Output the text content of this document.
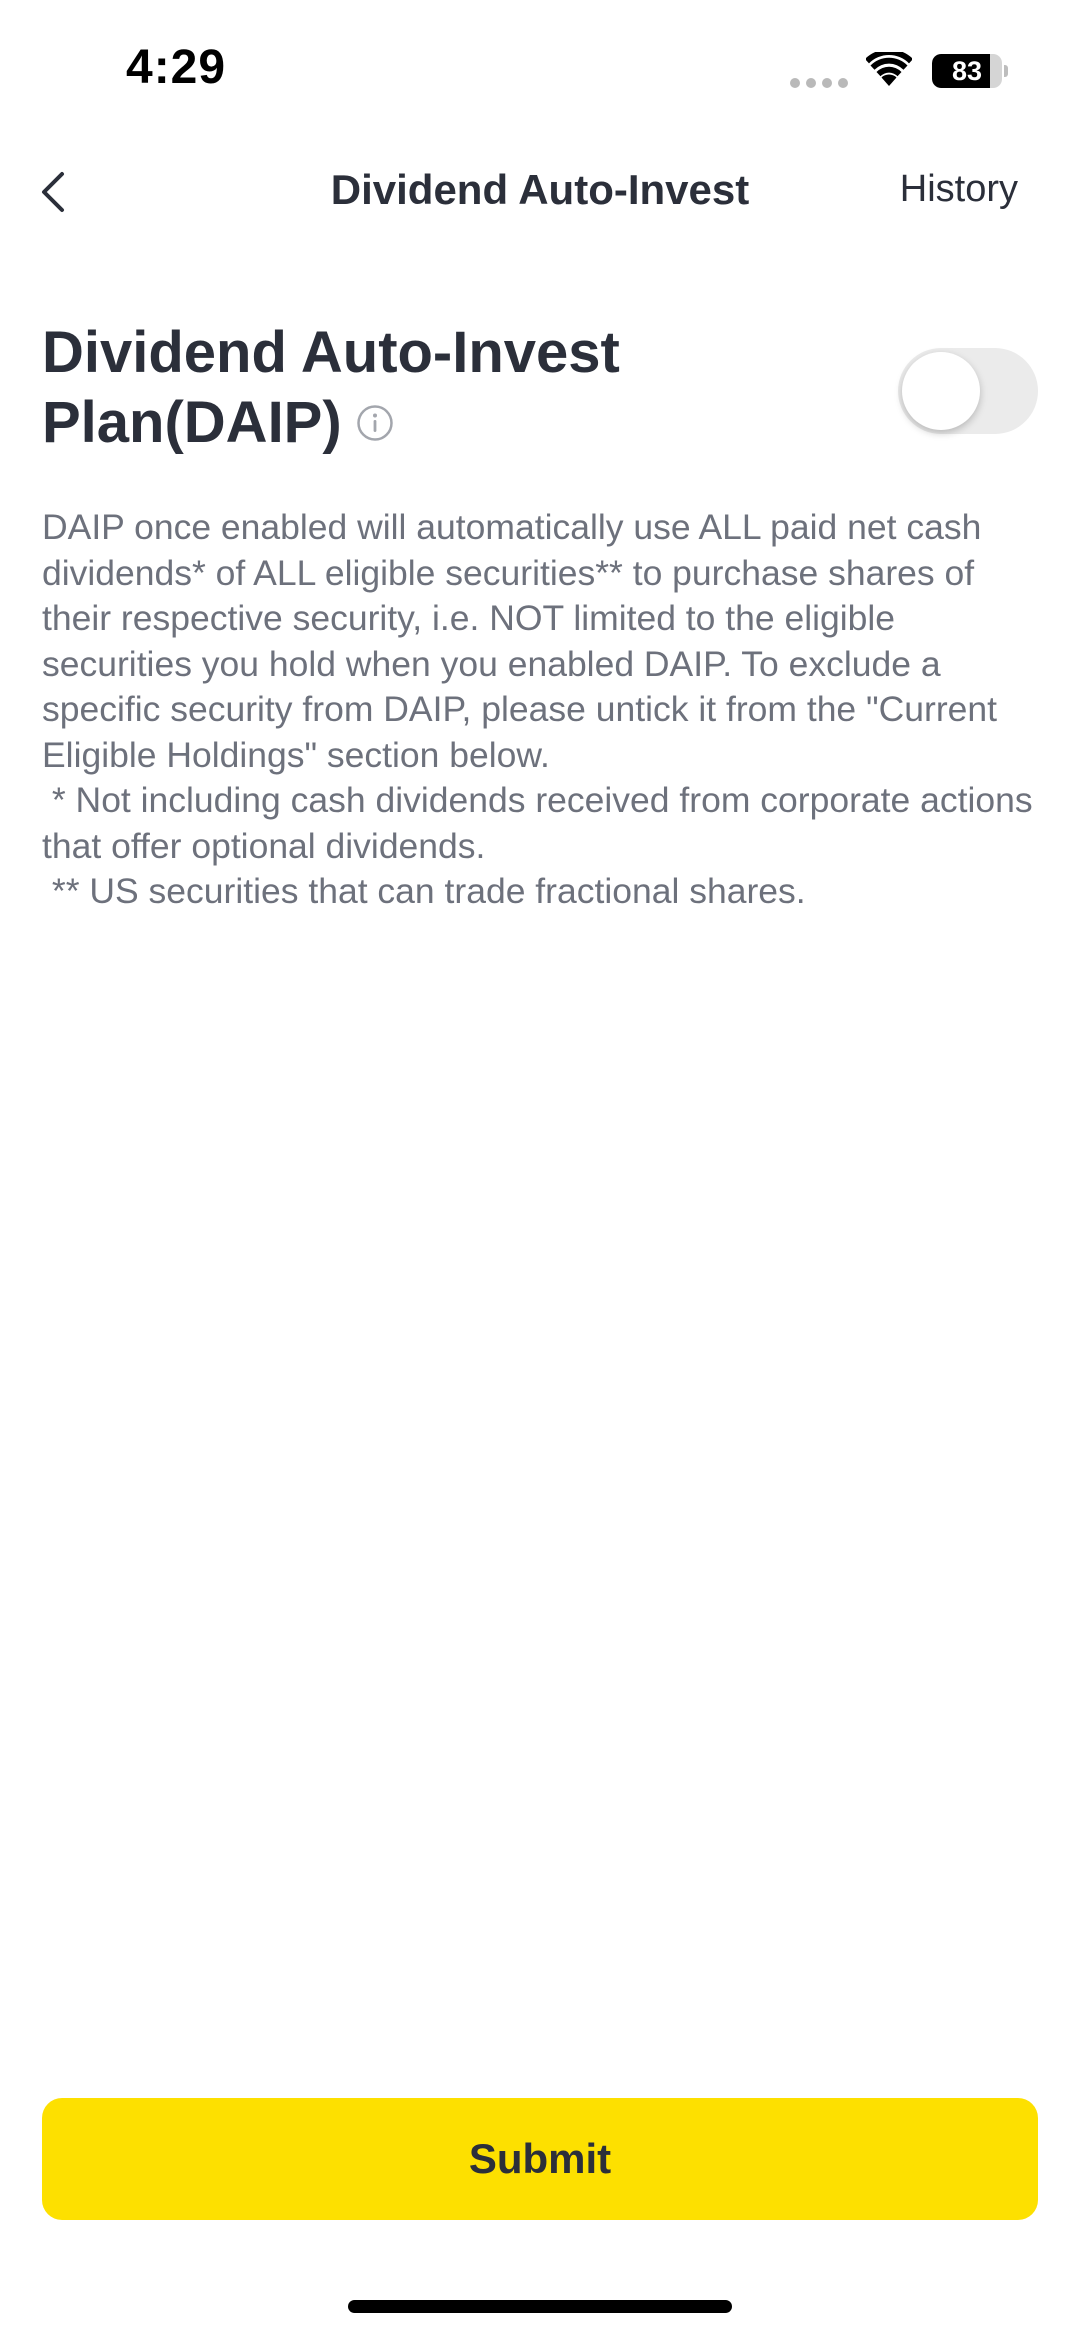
4:29	83
Dividend Auto-Invest	History
Dividend Auto-Invest Plan(DAIP)

DAIP once enabled will automatically use ALL paid net cash dividends* of ALL eligible securities** to purchase shares of their respective security, i.e. NOT limited to the eligible securities you hold when you enabled DAIP. To exclude a specific security from DAIP, please untick it from the "Current Eligible Holdings" section below.

* Not including cash dividends received from corporate actions that offer optional dividends.

** US securities that can trade fractional shares.

Submit
